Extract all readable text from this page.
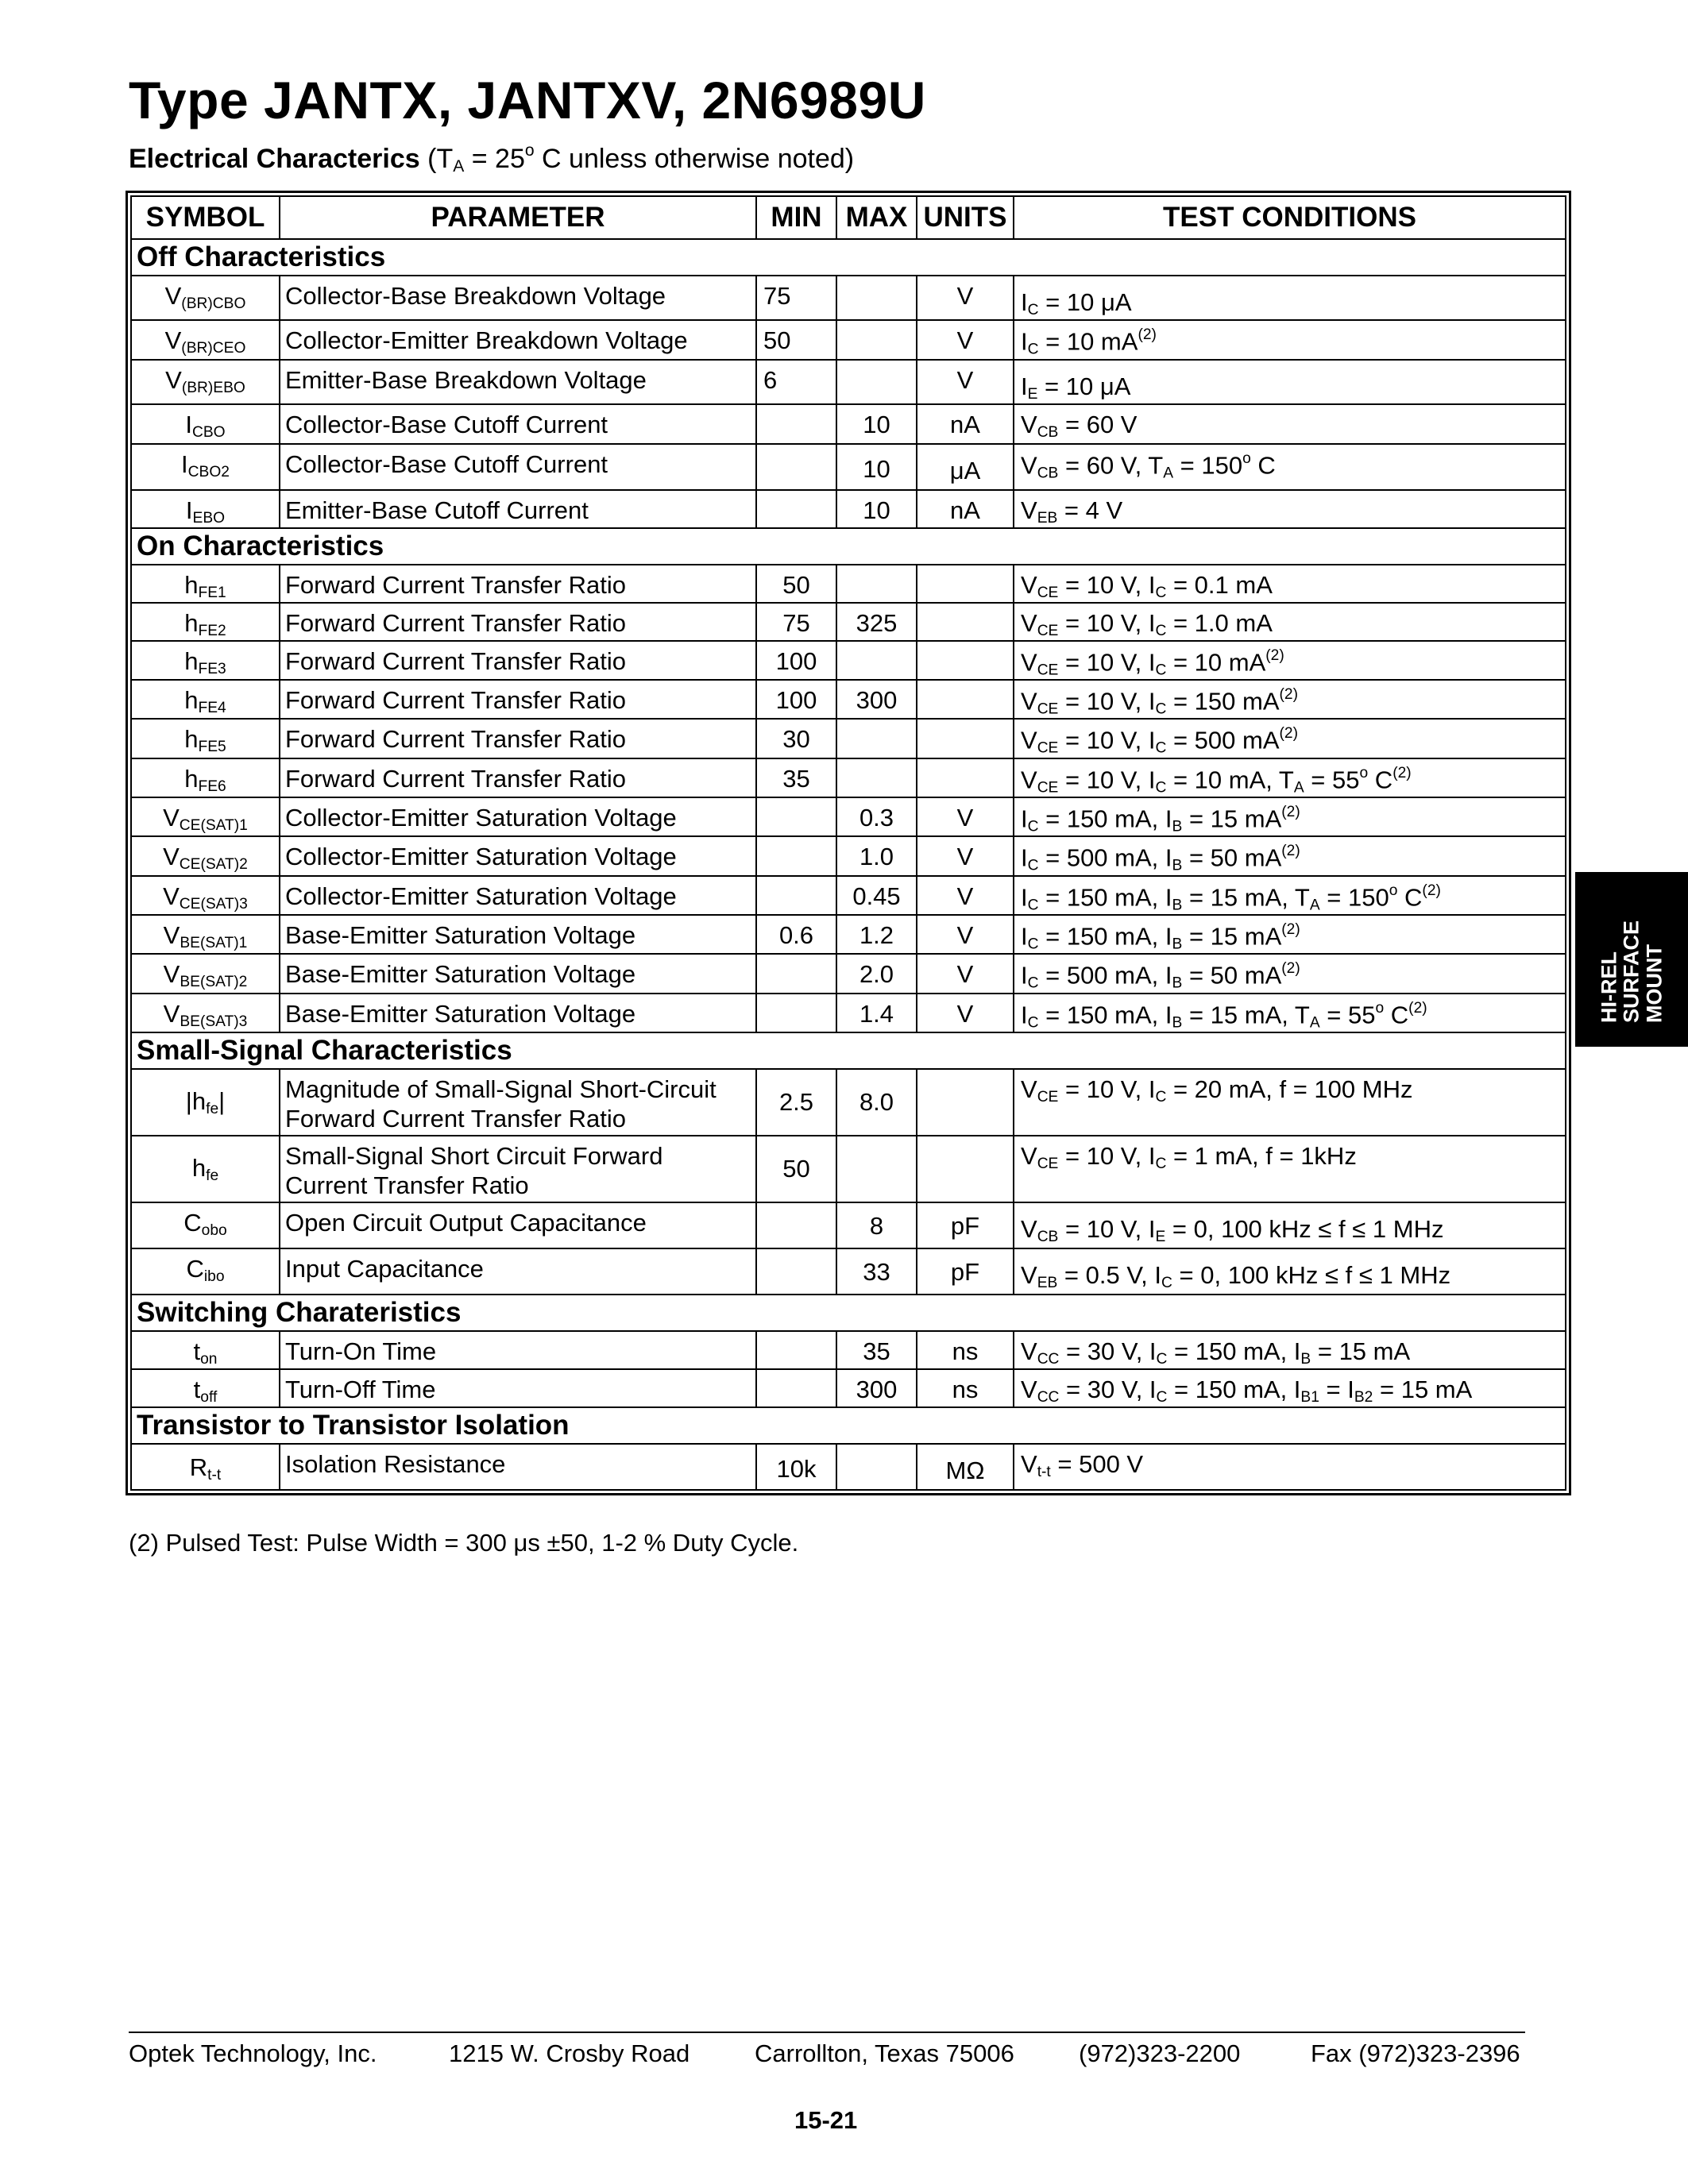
Type JANTX, JANTXV, 2N6989U
Electrical Characterics ($T_A = 25^o$ C unless otherwise noted)
SYMBOL	PARAMETER	MIN	MAX	UNITS	TEST CONDITIONS
Off Characteristics					
$V_{(BR)CBO}$	Collector-Base Breakdown Voltage	75		V	$I_C = 10$ μA
$V_{(BR)CEO}$	Collector-Emitter Breakdown Voltage	50		V	$I_C = 10$ $mA^{(2)}$
$V_{(BR)EBO}$	Emitter-Base Breakdown Voltage	6		V	$I_E = 10$ μA
$I_{CBO}$	Collector-Base Cutoff Current		10	nA	$V_{CB} = 60$ V
$I_{CBO2}$	Collector-Base Cutoff Current		10	μA	$V_{CB} = 60$ V, $T_A = 150^o$ C
$I_{EBO}$	Emitter-Base Cutoff Current		10	nA	$V_{EB} = 4$ V
On Characteristics					
$h_{FE1}$	Forward Current Transfer Ratio	50			$V_{CE} = 10$ V, $I_C = 0.1$ mA
$h_{FE2}$	Forward Current Transfer Ratio	75	325		$V_{CE} = 10$ V, $I_C = 1.0$ mA
$h_{FE3}$	Forward Current Transfer Ratio	100			$V_{CE} = 10$ V, $I_C = 10$ $mA^{(2)}$
$h_{FE4}$	Forward Current Transfer Ratio	100	300		$V_{CE} = 10$ V, $I_C = 150$ $mA^{(2)}$
$h_{FE5}$	Forward Current Transfer Ratio	30			$V_{CE} = 10$ V, $I_C = 500$ $mA^{(2)}$
$h_{FE6}$	Forward Current Transfer Ratio	35			$V_{CE} = 10$ V, $I_C = 10$ mA, $T_A = 55^o$ $C^{(2)}$
$V_{CE(SAT)1}$	Collector-Emitter Saturation Voltage		0.3	V	$I_C = 150$ mA, $I_B = 15$ $mA^{(2)}$
$V_{CE(SAT)2}$	Collector-Emitter Saturation Voltage		1.0	V	$I_C = 500$ mA, $I_B = 50$ $mA^{(2)}$
$V_{CE(SAT)3}$	Collector-Emitter Saturation Voltage		0.45	V	$I_C = 150$ mA, $I_B = 15$ mA, $T_A = 150^o$ $C^{(2)}$
$V_{BE(SAT)1}$	Base-Emitter Saturation Voltage	0.6	1.2	V	$I_C = 150$ mA, $I_B = 15$ $mA^{(2)}$
$V_{BE(SAT)2}$	Base-Emitter Saturation Voltage		2.0	V	$I_C = 500$ mA, $I_B = 50$ $mA^{(2)}$
$V_{BE(SAT)3}$	Base-Emitter Saturation Voltage		1.4	V	$I_C = 150$ mA, $I_B = 15$ mA, $T_A = 55^o$ $C^{(2)}$
Small-Signal Characteristics					
$|h_{fe}|$	Magnitude of Small-Signal Short-Circuit
Forward Current Transfer Ratio	2.5	8.0		$V_{CE} = 10$ V, $I_C = 20$ mA, f = 100 MHz
$h_{fe}$	Small-Signal Short Circuit Forward
Current Transfer Ratio	50			$V_{CE} = 10$ V, $I_C = 1$ mA, f = 1kHz
$C_{obo}$	Open Circuit Output Capacitance		8	pF	$V_{CB} = 10$ V, $I_E = 0$, 100 kHz ≤ f ≤ 1 MHz
$C_{ibo}$	Input Capacitance		33	pF	$V_{EB} = 0.5$ V, $I_C = 0$, 100 kHz ≤ f ≤ 1 MHz
Switching Charateristics					
$t_{on}$	Turn-On Time		35	ns	$V_{CC} = 30$ V, $I_C = 150$ mA, $I_B = 15$ mA
$t_{off}$	Turn-Off Time		300	ns	$V_{CC} = 30$ V, $I_C = 150$ mA, $I_{B1} = I_{B2} = 15$ mA
Transistor to Transistor Isolation					
$R_{t-t}$	Isolation Resistance	10k		MΩ	$V_{t-t} = 500$ V
(2) Pulsed Test: Pulse Width = 300 μs ±50, 1-2 % Duty Cycle.
HI-REL
SURFACE
MOUNT
Optek Technology, Inc.	1215 W. Crosby Road	Carrollton, Texas 75006	(972)323-2200	Fax (972)323-2396
15-21
